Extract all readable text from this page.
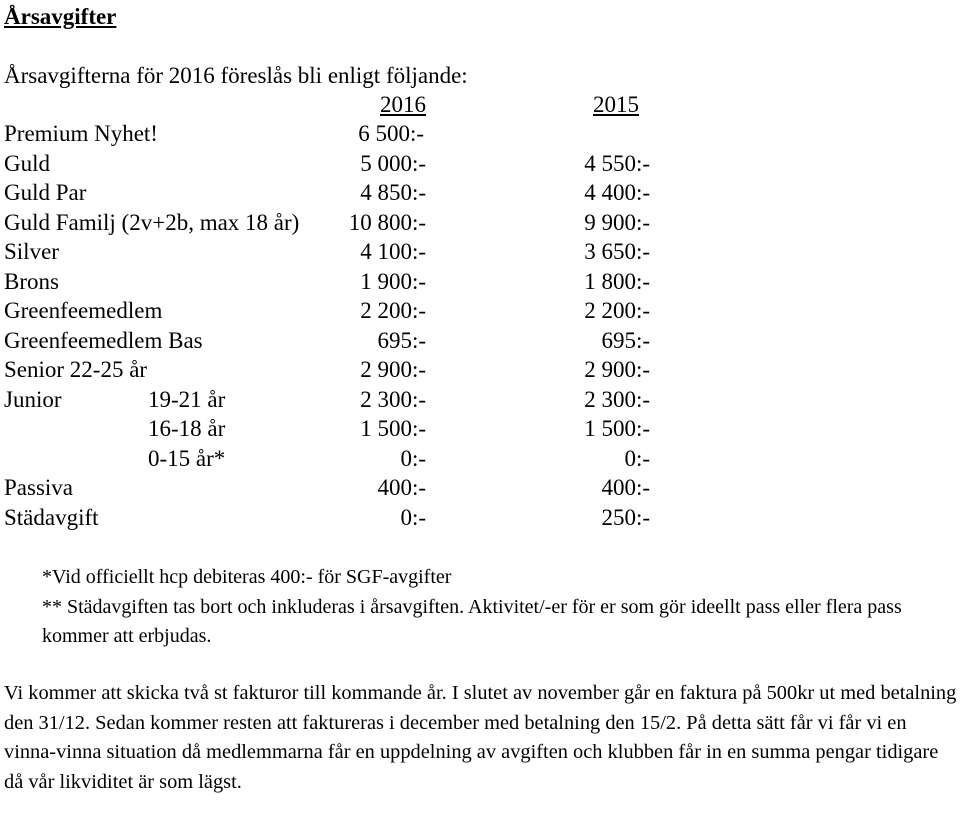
Årsavgifter
Årsavgifterna för 2016 föreslås bli enligt följande:
2016	2015
Premium Nyhet!	6 500:-
Guld	5 000:-	4 550:-
Guld Par	4 850:-	4 400:-
Guld Familj (2v+2b, max 18 år)	10 800:-	9 900:-
Silver	4 100:-	3 650:-
Brons	1 900:-	1 800:-
Greenfeemedlem	2 200:-	2 200:-
Greenfeemedlem Bas	695:-	695:-
Senior 22-25 år	2 900:-	2 900:-
Junior	19-21 år	2 300:-	2 300:-
16-18 år	1 500:-	1 500:-
0-15 år*	0:-	0:-
Passiva	400:-	400:-
Städavgift	0:-	250:-
*Vid officiellt hcp debiteras 400:- för SGF-avgifter
** Städavgiften tas bort och inkluderas i årsavgiften. Aktivitet/-er för er som gör ideellt pass eller flera pass kommer att erbjudas.
Vi kommer att skicka två st fakturor till kommande år. I slutet av november går en faktura på 500kr ut med betalning den 31/12. Sedan kommer resten att faktureras i december med betalning den 15/2. På detta sätt får vi får vi en vinna-vinna situation då medlemmarna får en uppdelning av avgiften och klubben får in en summa pengar tidigare då vår likviditet är som lägst.
